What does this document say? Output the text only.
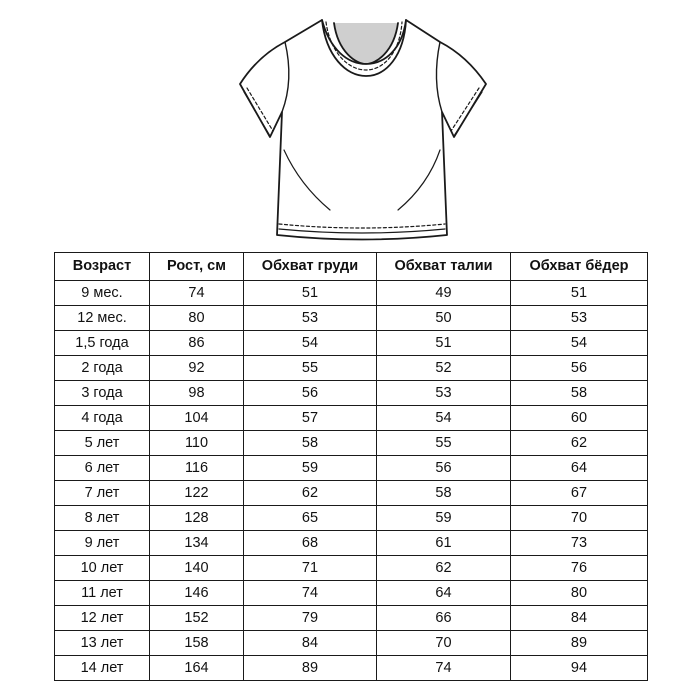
Возраст	Рост, см	Обхват груди	Обхват талии	Обхват бёдер
9 мес.	74	51	49	51
12 мес.	80	53	50	53
1,5 года	86	54	51	54
2 года	92	55	52	56
3 года	98	56	53	58
4 года	104	57	54	60
5 лет	110	58	55	62
6 лет	116	59	56	64
7 лет	122	62	58	67
8 лет	128	65	59	70
9 лет	134	68	61	73
10 лет	140	71	62	76
11 лет	146	74	64	80
12 лет	152	79	66	84
13 лет	158	84	70	89
14 лет	164	89	74	94
